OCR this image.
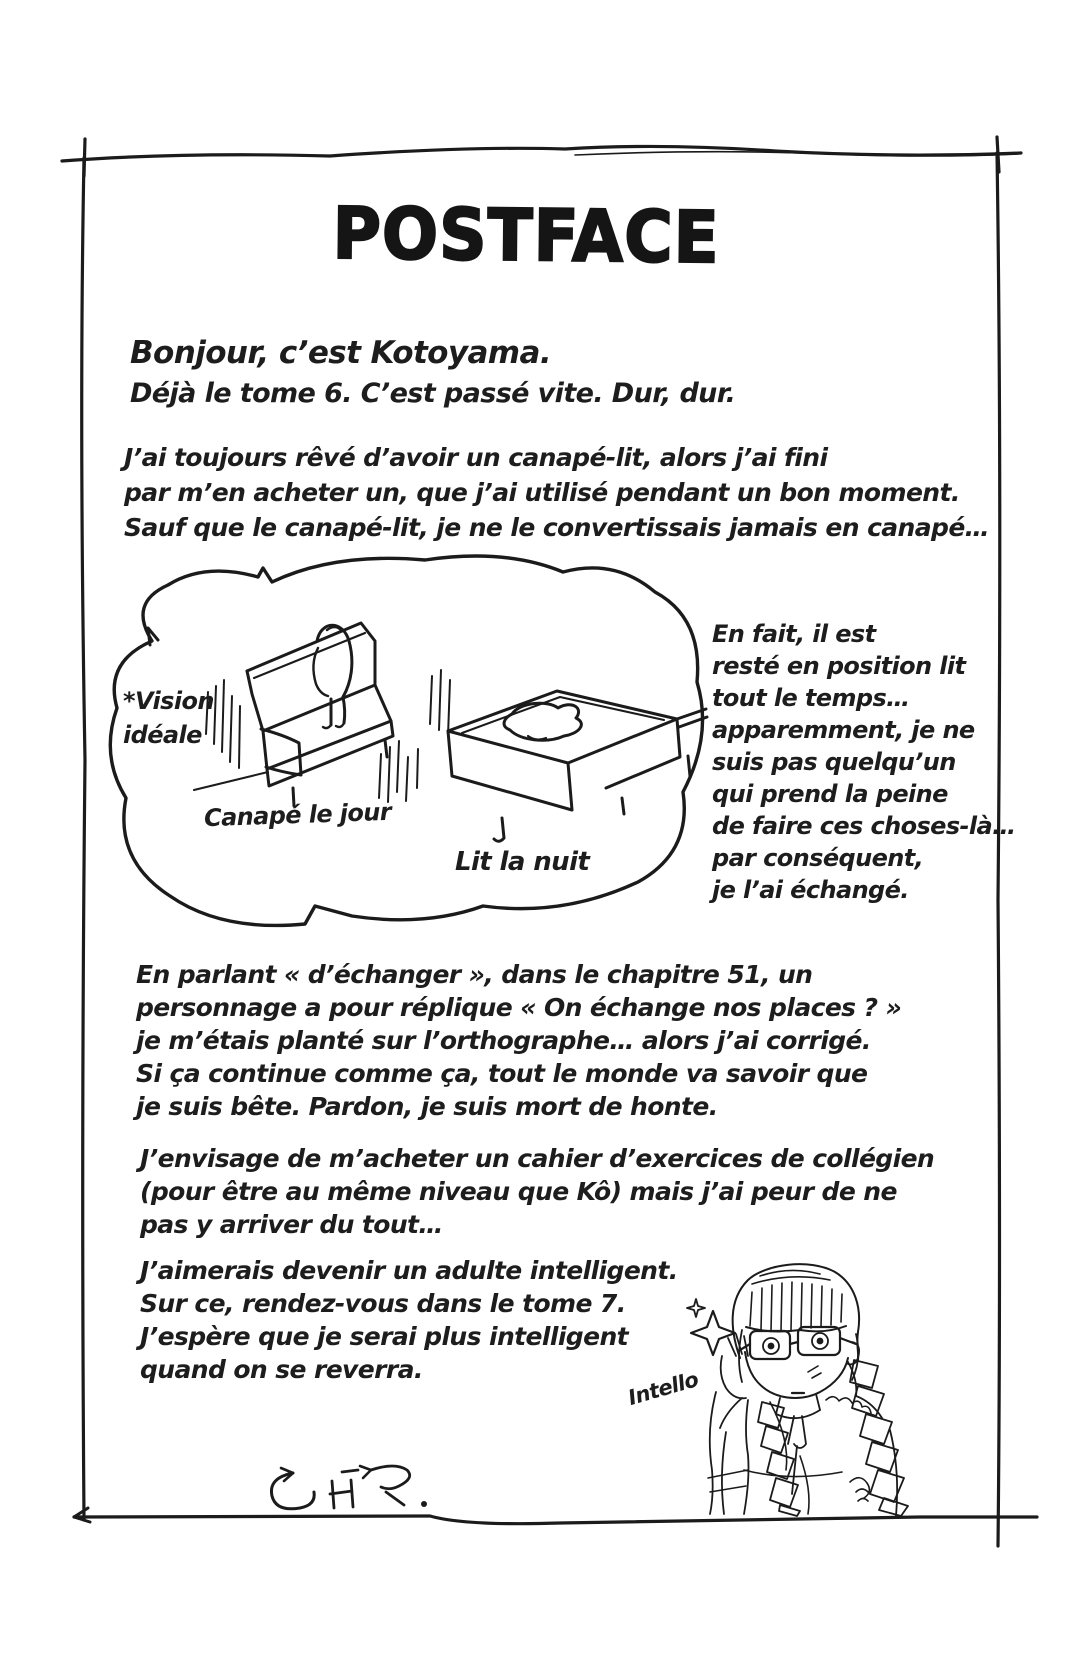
POSTFACE
Bonjour, c’est Kotoyama.
Déjà le tome 6. C’est passé vite. Dur, dur.
J’ai toujours rêvé d’avoir un canapé-lit, alors j’ai fini
par m’en acheter un, que j’ai utilisé pendant un bon moment.
Sauf que le canapé-lit, je ne le convertissais jamais en canapé…
*Vision
idéale
Canapé le jour
Lit la nuit
En fait, il est
resté en position lit
tout le temps…
apparemment, je ne
suis pas quelqu’un
qui prend la peine
de faire ces choses-là…
par conséquent,
je l’ai échangé.
En parlant « d’échanger », dans le chapitre 51, un
personnage a pour réplique « On échange nos places ? »
je m’étais planté sur l’orthographe… alors j’ai corrigé.
Si ça continue comme ça, tout le monde va savoir que
je suis bête. Pardon, je suis mort de honte.
J’envisage de m’acheter un cahier d’exercices de collégien
(pour être au même niveau que Kô) mais j’ai peur de ne
pas y arriver du tout…
J’aimerais devenir un adulte intelligent.
Sur ce, rendez-vous dans le tome 7.
J’espère que je serai plus intelligent
quand on se reverra.	Intello
